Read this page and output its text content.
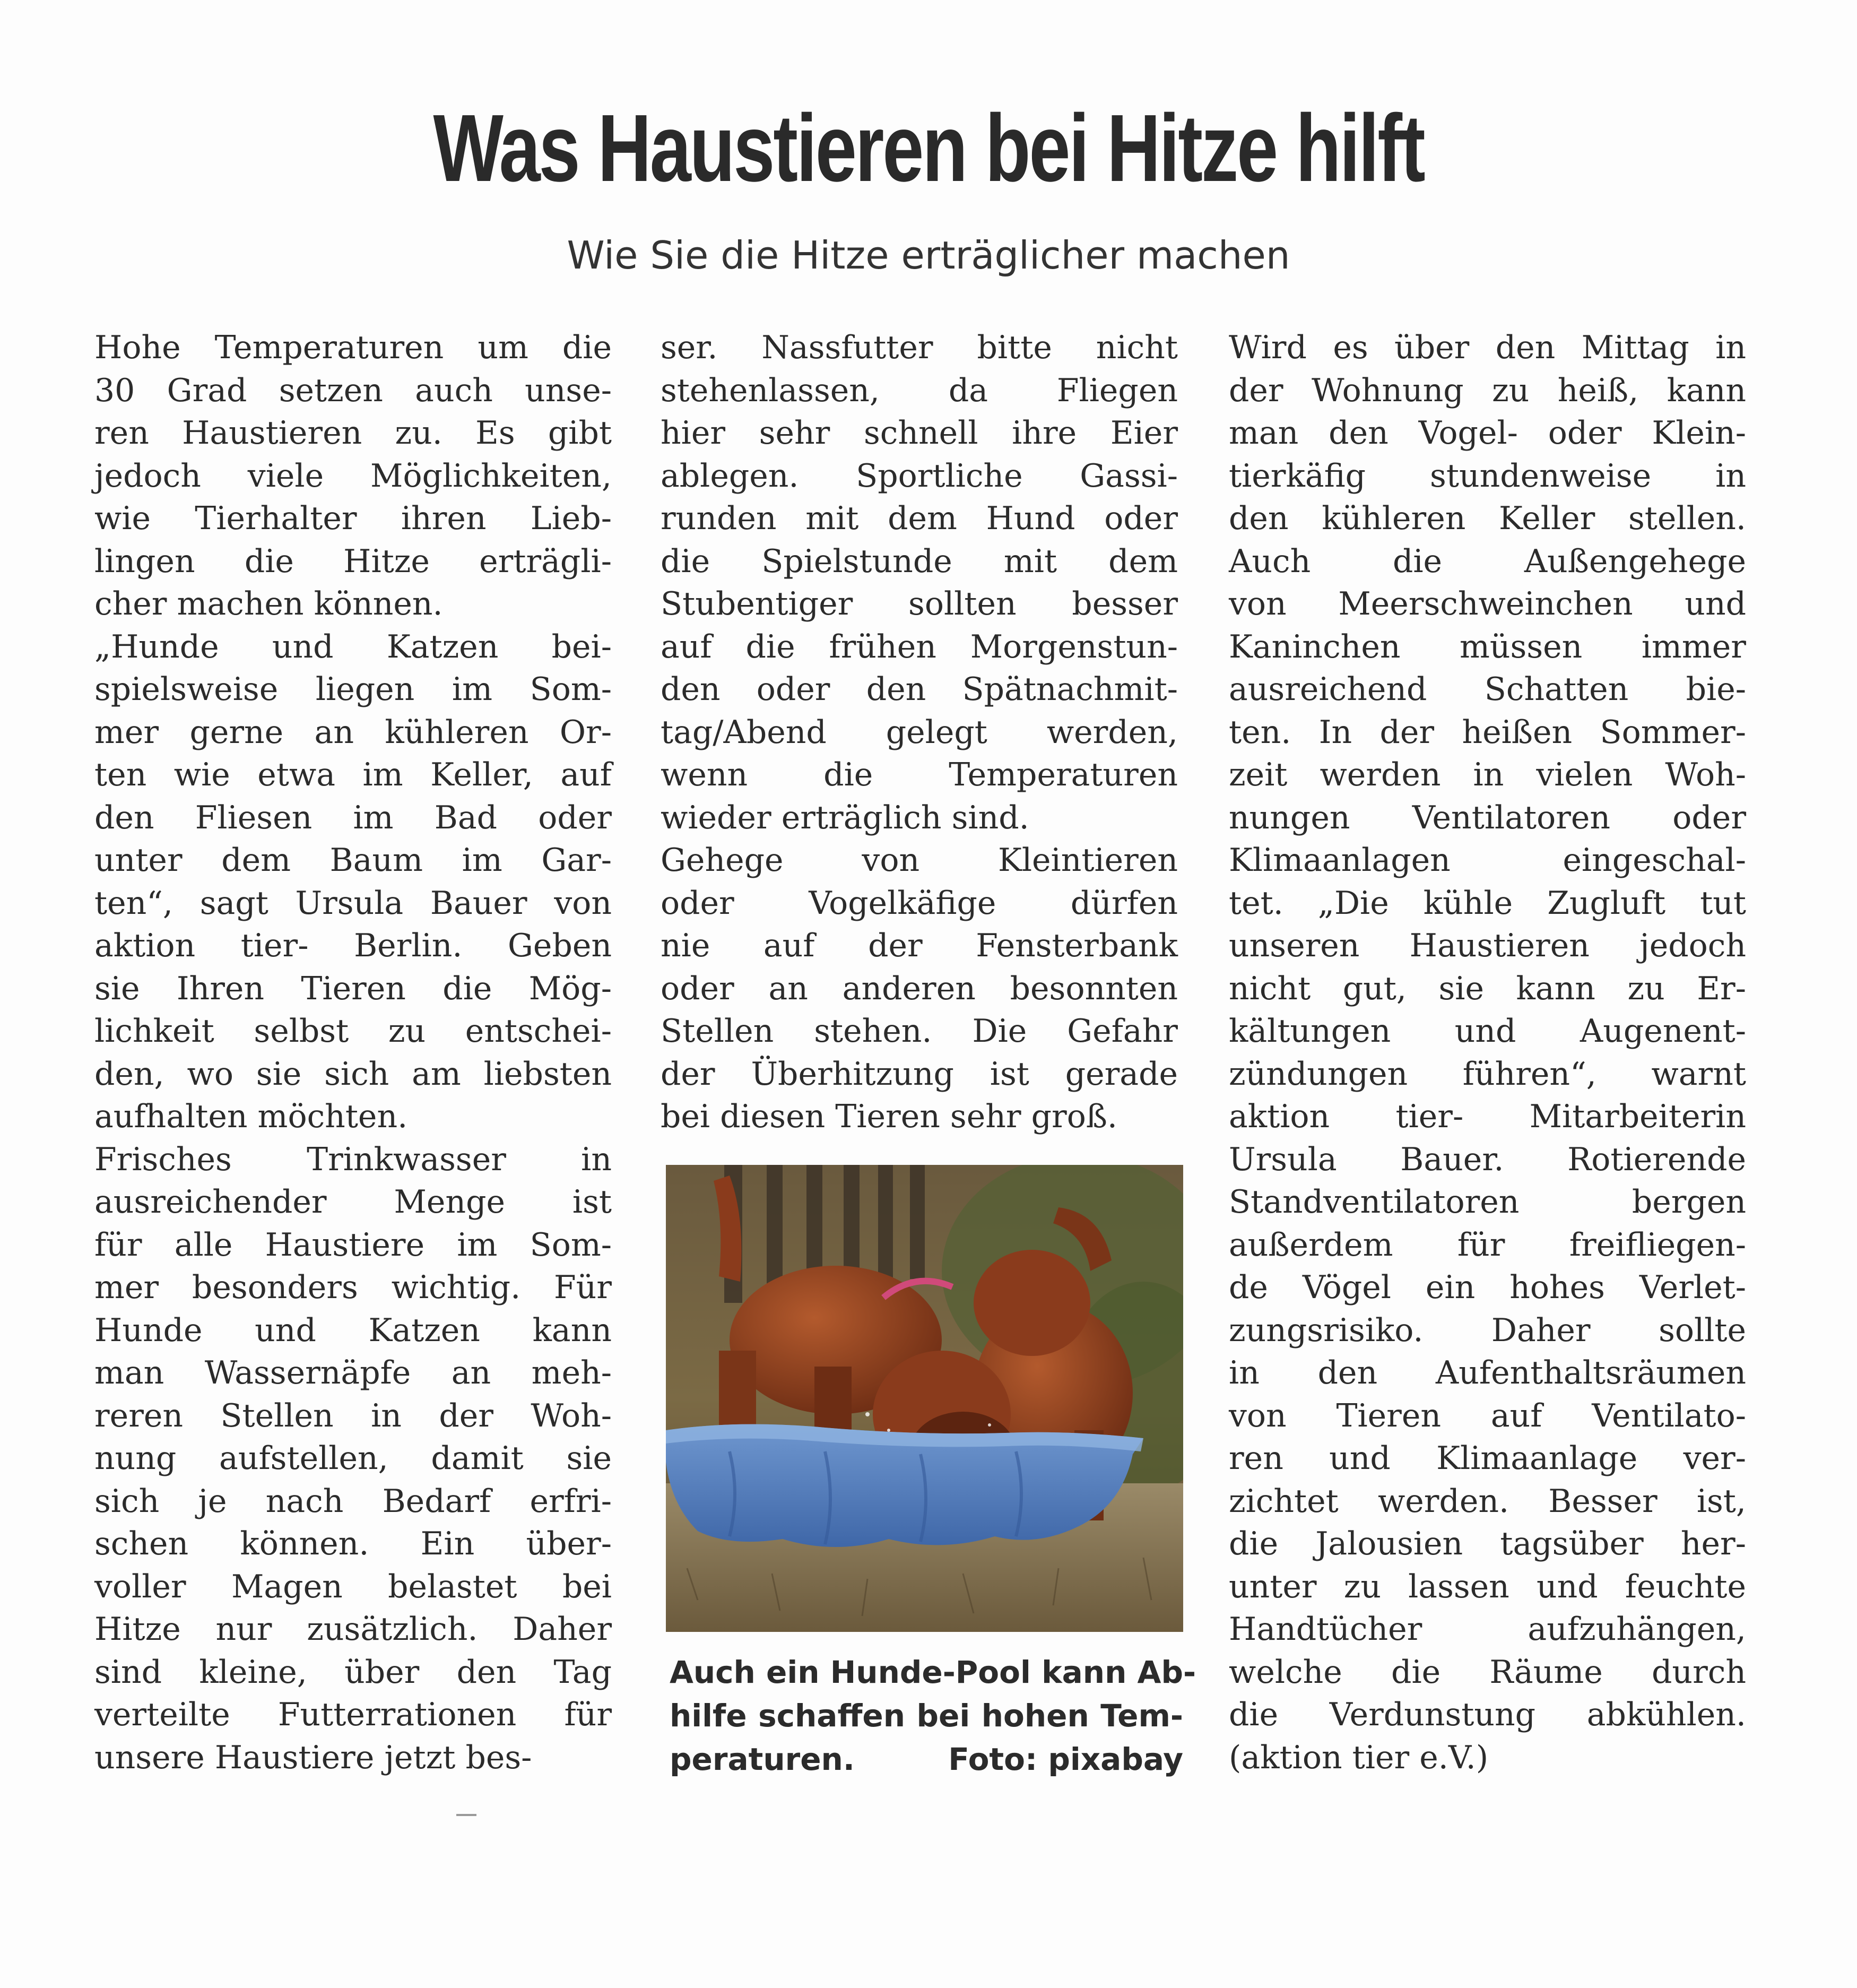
Was Haustieren bei Hitze hilft

Wie Sie die Hitze erträglicher machen

Hohe Temperaturen um die
30 Grad setzen auch unse-
ren Haustieren zu. Es gibt
jedoch viele Möglichkeiten,
wie Tierhalter ihren Lieb-
lingen die Hitze erträgli-
cher machen können.
„Hunde und Katzen bei-
spielsweise liegen im Som-
mer gerne an kühleren Or-
ten wie etwa im Keller, auf
den Fliesen im Bad oder
unter dem Baum im Gar-
ten“, sagt Ursula Bauer von
aktion tier- Berlin. Geben
sie Ihren Tieren die Mög-
lichkeit selbst zu entschei-
den, wo sie sich am liebsten
aufhalten möchten.
Frisches Trinkwasser in
ausreichender Menge ist
für alle Haustiere im Som-
mer besonders wichtig. Für
Hunde und Katzen kann
man Wassernäpfe an meh-
reren Stellen in der Woh-
nung aufstellen, damit sie
sich je nach Bedarf erfri-
schen können. Ein über-
voller Magen belastet bei
Hitze nur zusätzlich. Daher
sind kleine, über den Tag
verteilte Futterrationen für
unsere Haustiere jetzt bes-
ser. Nassfutter bitte nicht
stehenlassen, da Fliegen
hier sehr schnell ihre Eier
ablegen. Sportliche Gassi-
runden mit dem Hund oder
die Spielstunde mit dem
Stubentiger sollten besser
auf die frühen Morgenstun-
den oder den Spätnachmit-
tag/Abend gelegt werden,
wenn die Temperaturen
wieder erträglich sind.
Gehege von Kleintieren
oder Vogelkäfige dürfen
nie auf der Fensterbank
oder an anderen besonnten
Stellen stehen. Die Gefahr
der Überhitzung ist gerade
bei diesen Tieren sehr groß.
Wird es über den Mittag in
der Wohnung zu heiß, kann
man den Vogel- oder Klein-
tierkäfig stundenweise in
den kühleren Keller stellen.
Auch die Außengehege
von Meerschweinchen und
Kaninchen müssen immer
ausreichend Schatten bie-
ten. In der heißen Sommer-
zeit werden in vielen Woh-
nungen Ventilatoren oder
Klimaanlagen eingeschal-
tet. „Die kühle Zugluft tut
unseren Haustieren jedoch
nicht gut, sie kann zu Er-
kältungen und Augenent-
zündungen führen“, warnt
aktion tier- Mitarbeiterin
Ursula Bauer. Rotierende
Standventilatoren bergen
außerdem für freifliegen-
de Vögel ein hohes Verlet-
zungsrisiko. Daher sollte
in den Aufenthaltsräumen
von Tieren auf Ventilato-
ren und Klimaanlage ver-
zichtet werden. Besser ist,
die Jalousien tagsüber her-
unter zu lassen und feuchte
Handtücher aufzuhängen,
welche die Räume durch
die Verdunstung abkühlen.
(aktion tier e.V.)
Auch ein Hunde-Pool kann Ab-
hilfe schaffen bei hohen Tem-
peraturen.	Foto: pixabay
